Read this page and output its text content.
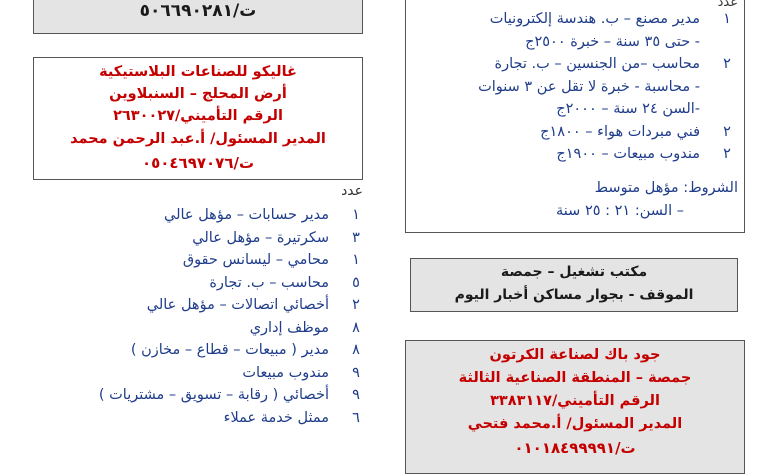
ت/٥٠٦٦٩٠٢٨١
غاليكو للصناعات البلاستيكية
أرض المحلج – السنبلاوين
الرقم التأميني/٢٦٣٠٠٢٧
المدير المسئول/ أ.عبد الرحمن محمد
ت/٠٥٠٤٦٩٧٠٧٦
عدد
١
مدير حسابات – مؤهل عالي
٣
سكرتيرة – مؤهل عالي
١
محامي – ليسانس حقوق
٥
محاسب – ب. تجارة
٢
أخصائي اتصالات – مؤهل عالي
٨
موظف إداري
٨
مدير ( مبيعات – قطاع – مخازن )
٩
مندوب مبيعات
٩
أخصائي ( رقابة – تسويق – مشتريات )
٦
ممثل خدمة عملاء
عدد
١
مدير مصنع – ب. هندسة إلكترونيات
- حتى ٣٥ سنة – خبرة ٢٥٠٠ج
٢
محاسب –من الجنسين – ب. تجارة
- محاسبة - خبرة لا تقل عن ٣ سنوات
-السن ٢٤ سنة – ٢٠٠٠ج
٢
فني مبردات هواء – ١٨٠٠ج
٢
مندوب مبيعات – ١٩٠٠ج
الشروط: مؤهل متوسط
– السن: ٢١ : ٢٥ سنة
مكتب تشغيل – جمصة
الموقف - بجوار مساكن أخبار اليوم
جود باك لصناعة الكرتون
جمصة – المنطقة الصناعية الثالثة
الرقم التأميني/٣٣٨٣١١٧
المدير المسئول/ أ.محمد فتحي
ت/٠١٠١٨٤٩٩٩٩١
